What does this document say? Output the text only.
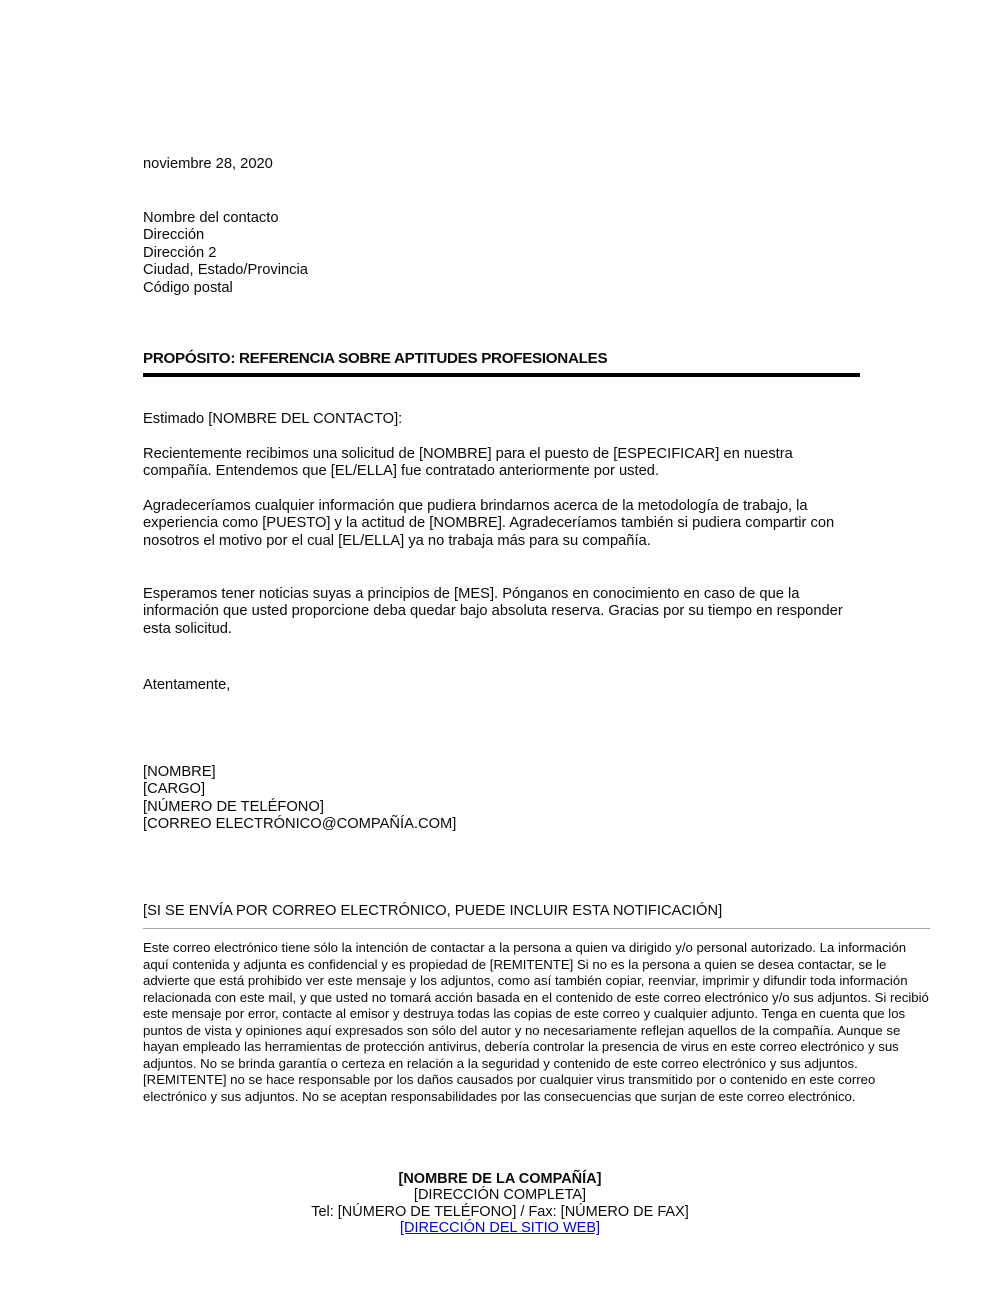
noviembre 28, 2020
Nombre del contacto
Dirección
Dirección 2
Ciudad, Estado/Provincia
Código postal
PROPÓSITO: REFERENCIA SOBRE APTITUDES PROFESIONALES
Estimado [NOMBRE DEL CONTACTO]:
Recientemente recibimos una solicitud de [NOMBRE] para el puesto de [ESPECIFICAR] en nuestra compañía. Entendemos que [EL/ELLA] fue contratado anteriormente por usted.
Agradeceríamos cualquier información que pudiera brindarnos acerca de la metodología de trabajo, la experiencia como [PUESTO] y la actitud de [NOMBRE]. Agradeceríamos también si pudiera compartir con nosotros el motivo por el cual [EL/ELLA] ya no trabaja más para su compañía.
Esperamos tener noticias suyas a principios de [MES]. Pónganos en conocimiento en caso de que la información que usted proporcione deba quedar bajo absoluta reserva. Gracias por su tiempo en responder esta solicitud.
Atentamente,
[NOMBRE]
[CARGO]
[NÚMERO DE TELÉFONO]
[CORREO ELECTRÓNICO@COMPAÑÍA.COM]
[SI SE ENVÍA POR CORREO ELECTRÓNICO, PUEDE INCLUIR ESTA NOTIFICACIÓN]
Este correo electrónico tiene sólo la intención de contactar a la persona a quien va dirigido y/o personal autorizado. La información aquí contenida y adjunta es confidencial y es propiedad de [REMITENTE] Si no es la persona a quien se desea contactar, se le advierte que está prohibido ver este mensaje y los adjuntos, como así también copiar, reenviar, imprimir y difundir toda información relacionada con este mail, y que usted no tomará acción basada en el contenido de este correo electrónico y/o sus adjuntos. Si recibió este mensaje por error, contacte al emisor y destruya todas las copias de este correo y cualquier adjunto. Tenga en cuenta que los puntos de vista y opiniones aquí expresados son sólo del autor y no necesariamente reflejan aquellos de la compañía. Aunque se hayan empleado las herramientas de protección antivirus, debería controlar la presencia de virus en este correo electrónico y sus adjuntos. No se brinda garantía o certeza en relación a la seguridad y contenido de este correo electrónico y sus adjuntos. [REMITENTE] no se hace responsable por los daños causados por cualquier virus transmitido por o contenido en este correo electrónico y sus adjuntos. No se aceptan responsabilidades por las consecuencias que surjan de este correo electrónico.
[NOMBRE DE LA COMPAÑÍA]
[DIRECCIÓN COMPLETA]
Tel: [NÚMERO DE TELÉFONO] / Fax: [NÚMERO DE FAX]
[DIRECCIÓN DEL SITIO WEB]
